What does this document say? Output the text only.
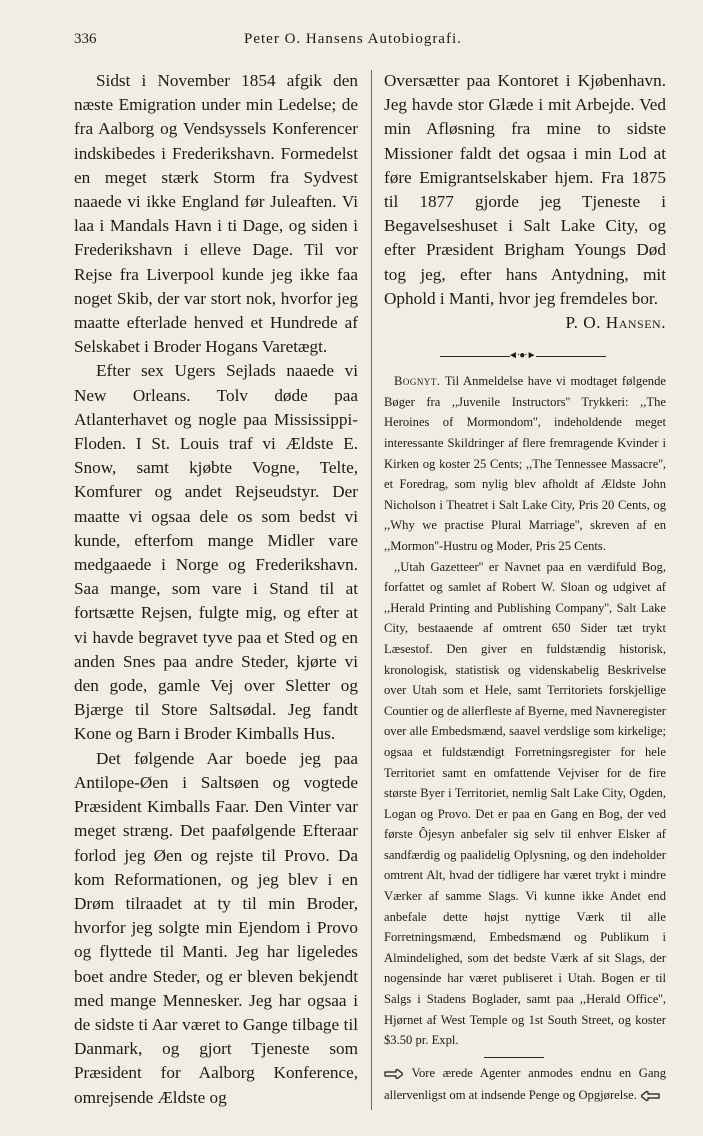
336	Peter O. Hansens Autobiografi.

Sidst i November 1854 afgik den næste Emigration under min Ledelse; de fra Aalborg og Vendsyssels Konferencer indskibedes i Frederikshavn. Formedelst en meget stærk Storm fra Sydvest naaede vi ikke England før Juleaften. Vi laa i Mandals Havn i ti Dage, og siden i Frederikshavn i elleve Dage. Til vor Rejse fra Liverpool kunde jeg ikke faa noget Skib, der var stort nok, hvorfor jeg maatte efterlade henved et Hundrede af Selskabet i Broder Hogans Varetægt.

Efter sex Ugers Sejlads naaede vi New Orleans. Tolv døde paa Atlanterhavet og nogle paa Mississippi-Floden. I St. Louis traf vi Ældste E. Snow, samt kjøbte Vogne, Telte, Komfurer og andet Rejseudstyr. Der maatte vi ogsaa dele os som bedst vi kunde, efterfom mange Midler vare medgaaede i Norge og Frederikshavn. Saa mange, som vare i Stand til at fortsætte Rejsen, fulgte mig, og efter at vi havde begravet tyve paa et Sted og en anden Snes paa andre Steder, kjørte vi den gode, gamle Vej over Sletter og Bjærge til Store Saltsødal. Jeg fandt Kone og Barn i Broder Kimballs Hus.

Det følgende Aar boede jeg paa Antilope-Øen i Saltsøen og vogtede Præsident Kimballs Faar. Den Vinter var meget stræng. Det paafølgende Efteraar forlod jeg Øen og rejste til Provo. Da kom Reformationen, og jeg blev i en Drøm tilraadet at ty til min Broder, hvorfor jeg solgte min Ejendom i Provo og flyttede til Manti. Jeg har ligeledes boet andre Steder, og er bleven bekjendt med mange Mennesker. Jeg har ogsaa i de sidste ti Aar været to Gange tilbage til Danmark, og gjort Tjeneste som Præsident for Aalborg Konference, omrejsende Ældste og

Oversætter paa Kontoret i Kjøbenhavn. Jeg havde stor Glæde i mit Arbejde. Ved min Afløsning fra mine to sidste Missioner faldt det ogsaa i min Lod at føre Emigrantselskaber hjem. Fra 1875 til 1877 gjorde jeg Tjeneste i Begavelseshuset i Salt Lake City, og efter Præsident Brigham Youngs Død tog jeg, efter hans Antydning, mit Ophold i Manti, hvor jeg fremdeles bor.
P. O. Hansen.

◄·●·►

Bognyt. Til Anmeldelse have vi modtaget følgende Bøger fra ,,Juvenile Instructors'' Trykkeri: ,,The Heroines of Mormondom'', indeholdende meget interessante Skildringer af flere fremragende Kvinder i Kirken og koster 25 Cents; ,,The Tennessee Massacre'', et Foredrag, som nylig blev afholdt af Ældste John Nicholson i Theatret i Salt Lake City, Pris 20 Cents, og ,,Why we practise Plural Marriage'', skreven af en ,,Mormon''-Hustru og Moder, Pris 25 Cents.

,,Utah Gazetteer'' er Navnet paa en værdifuld Bog, forfattet og samlet af Robert W. Sloan og udgivet af ,,Herald Printing and Publishing Company'', Salt Lake City, bestaaende af omtrent 650 Sider tæt trykt Læsestof. Den giver en fuldstændig historisk, kronologisk, statistisk og videnskabelig Beskrivelse over Utah som et Hele, samt Territoriets forskjellige Countier og de allerfleste af Byerne, med Navneregister over alle Embedsmænd, saavel verdslige som kirkelige; ogsaa et fuldstændigt Forretningsregister for hele Territoriet samt en omfattende Vejviser for de fire største Byer i Territoriet, nemlig Salt Lake City, Ogden, Logan og Provo. Det er paa en Gang en Bog, der ved første Ôjesyn anbefaler sig selv til enhver Elsker af sandfærdig og paalidelig Oplysning, og den indeholder omtrent Alt, hvad der tidligere har været trykt i mindre Værker af samme Slags. Vi kunne ikke Andet end anbefale dette højst nyttige Værk til alle Forretningsmænd, Embedsmænd og Publikum i Almindelighed, som det bedste Værk af sit Slags, der nogensinde har været publiseret i Utah. Bogen er til Salgs i Stadens Boglader, samt paa ,,Herald Office'', Hjørnet af West Temple og 1st South Street, og koster $3.50 pr. Expl.

Vore ærede Agenter anmodes endnu en Gang allervenligst om at indsende Penge og Opgjørelse.
